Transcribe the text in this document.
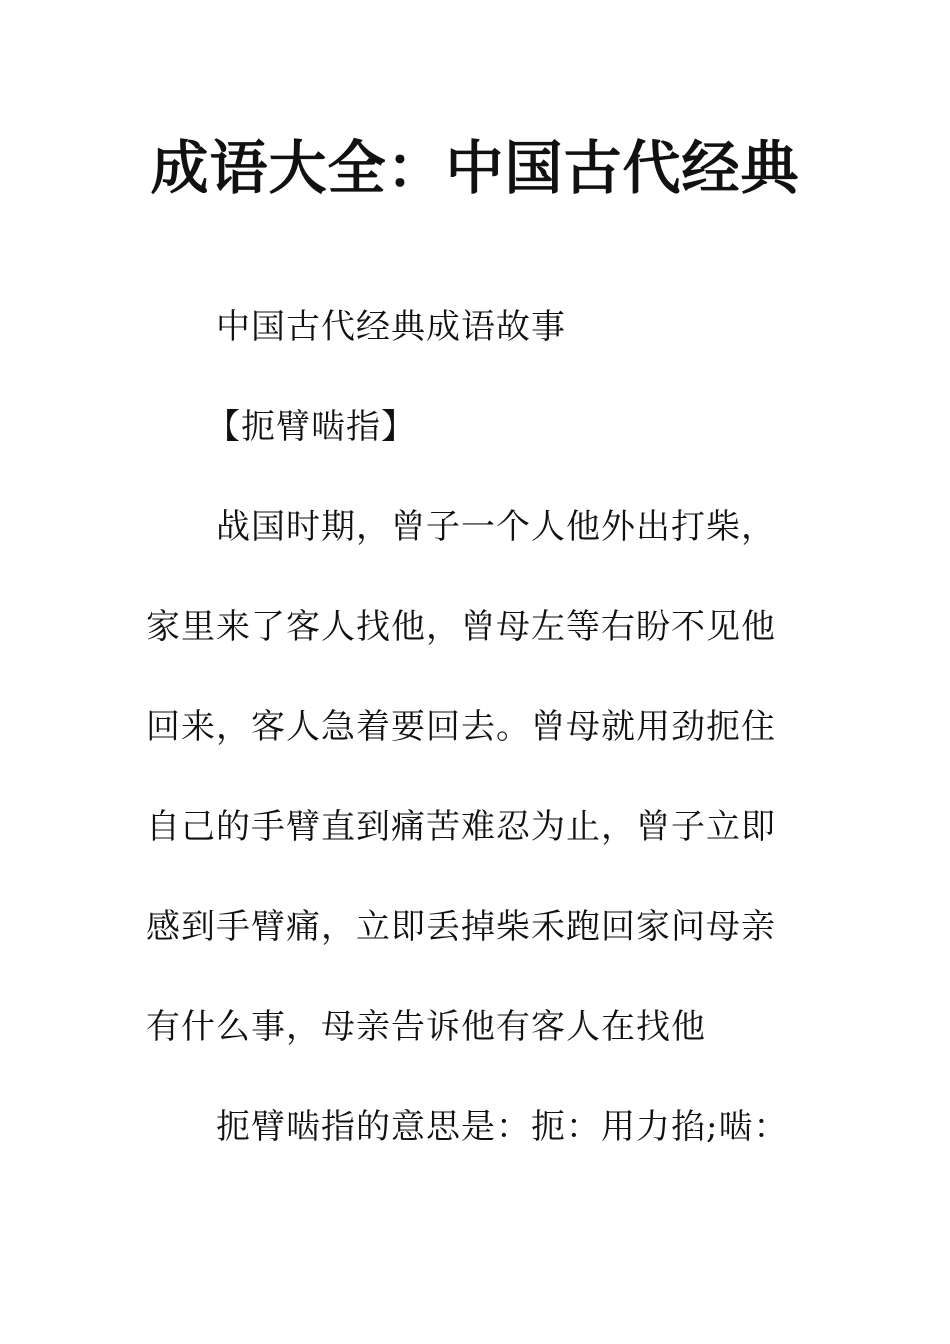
成语大全：中国古代经典

中国古代经典成语故事

【扼臂啮指】

战国时期，曾子一个人他外出打柴，

家里来了客人找他，曾母左等右盼不见他

回来，客人急着要回去。曾母就用劲扼住

自己的手臂直到痛苦难忍为止，曾子立即

感到手臂痛，立即丢掉柴禾跑回家问母亲

有什么事，母亲告诉他有客人在找他

扼臂啮指的意思是：扼：用力掐;啮：
